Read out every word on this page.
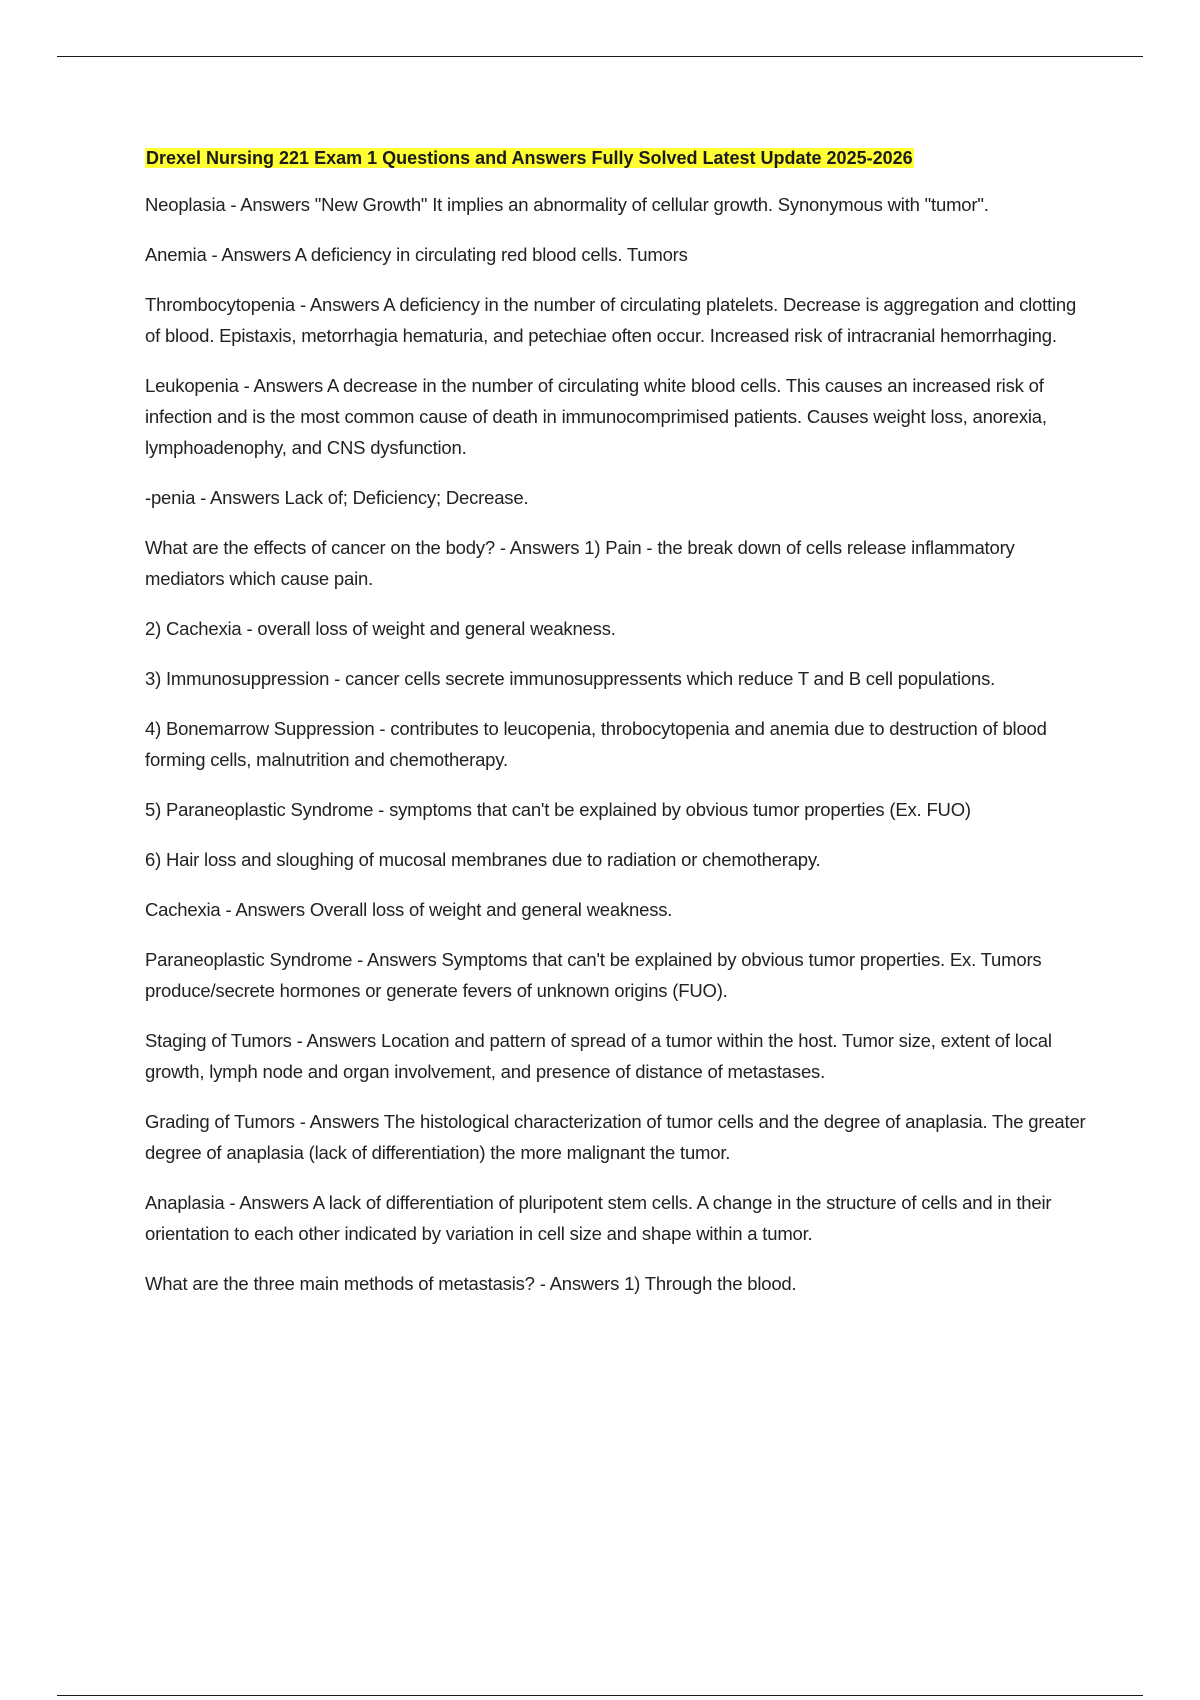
Drexel Nursing 221 Exam 1 Questions and Answers Fully Solved Latest Update 2025-2026

Neoplasia - Answers "New Growth" It implies an abnormality of cellular growth. Synonymous with "tumor".

Anemia - Answers A deficiency in circulating red blood cells. Tumors

Thrombocytopenia - Answers A deficiency in the number of circulating platelets. Decrease is aggregation and clotting of blood. Epistaxis, metorrhagia hematuria, and petechiae often occur. Increased risk of intracranial hemorrhaging.

Leukopenia - Answers A decrease in the number of circulating white blood cells. This causes an increased risk of infection and is the most common cause of death in immunocomprimised patients. Causes weight loss, anorexia, lymphoadenophy, and CNS dysfunction.

-penia - Answers Lack of; Deficiency; Decrease.

What are the effects of cancer on the body? - Answers 1) Pain - the break down of cells release inflammatory mediators which cause pain.

2) Cachexia - overall loss of weight and general weakness.

3) Immunosuppression - cancer cells secrete immunosuppressents which reduce T and B cell populations.

4) Bonemarrow Suppression - contributes to leucopenia, throbocytopenia and anemia due to destruction of blood forming cells, malnutrition and chemotherapy.

5) Paraneoplastic Syndrome - symptoms that can't be explained by obvious tumor properties (Ex. FUO)

6) Hair loss and sloughing of mucosal membranes due to radiation or chemotherapy.

Cachexia - Answers Overall loss of weight and general weakness.

Paraneoplastic Syndrome - Answers Symptoms that can't be explained by obvious tumor properties. Ex. Tumors produce/secrete hormones or generate fevers of unknown origins (FUO).

Staging of Tumors - Answers Location and pattern of spread of a tumor within the host. Tumor size, extent of local growth, lymph node and organ involvement, and presence of distance of metastases.

Grading of Tumors - Answers The histological characterization of tumor cells and the degree of anaplasia. The greater degree of anaplasia (lack of differentiation) the more malignant the tumor.

Anaplasia - Answers A lack of differentiation of pluripotent stem cells. A change in the structure of cells and in their orientation to each other indicated by variation in cell size and shape within a tumor.

What are the three main methods of metastasis? - Answers 1) Through the blood.
